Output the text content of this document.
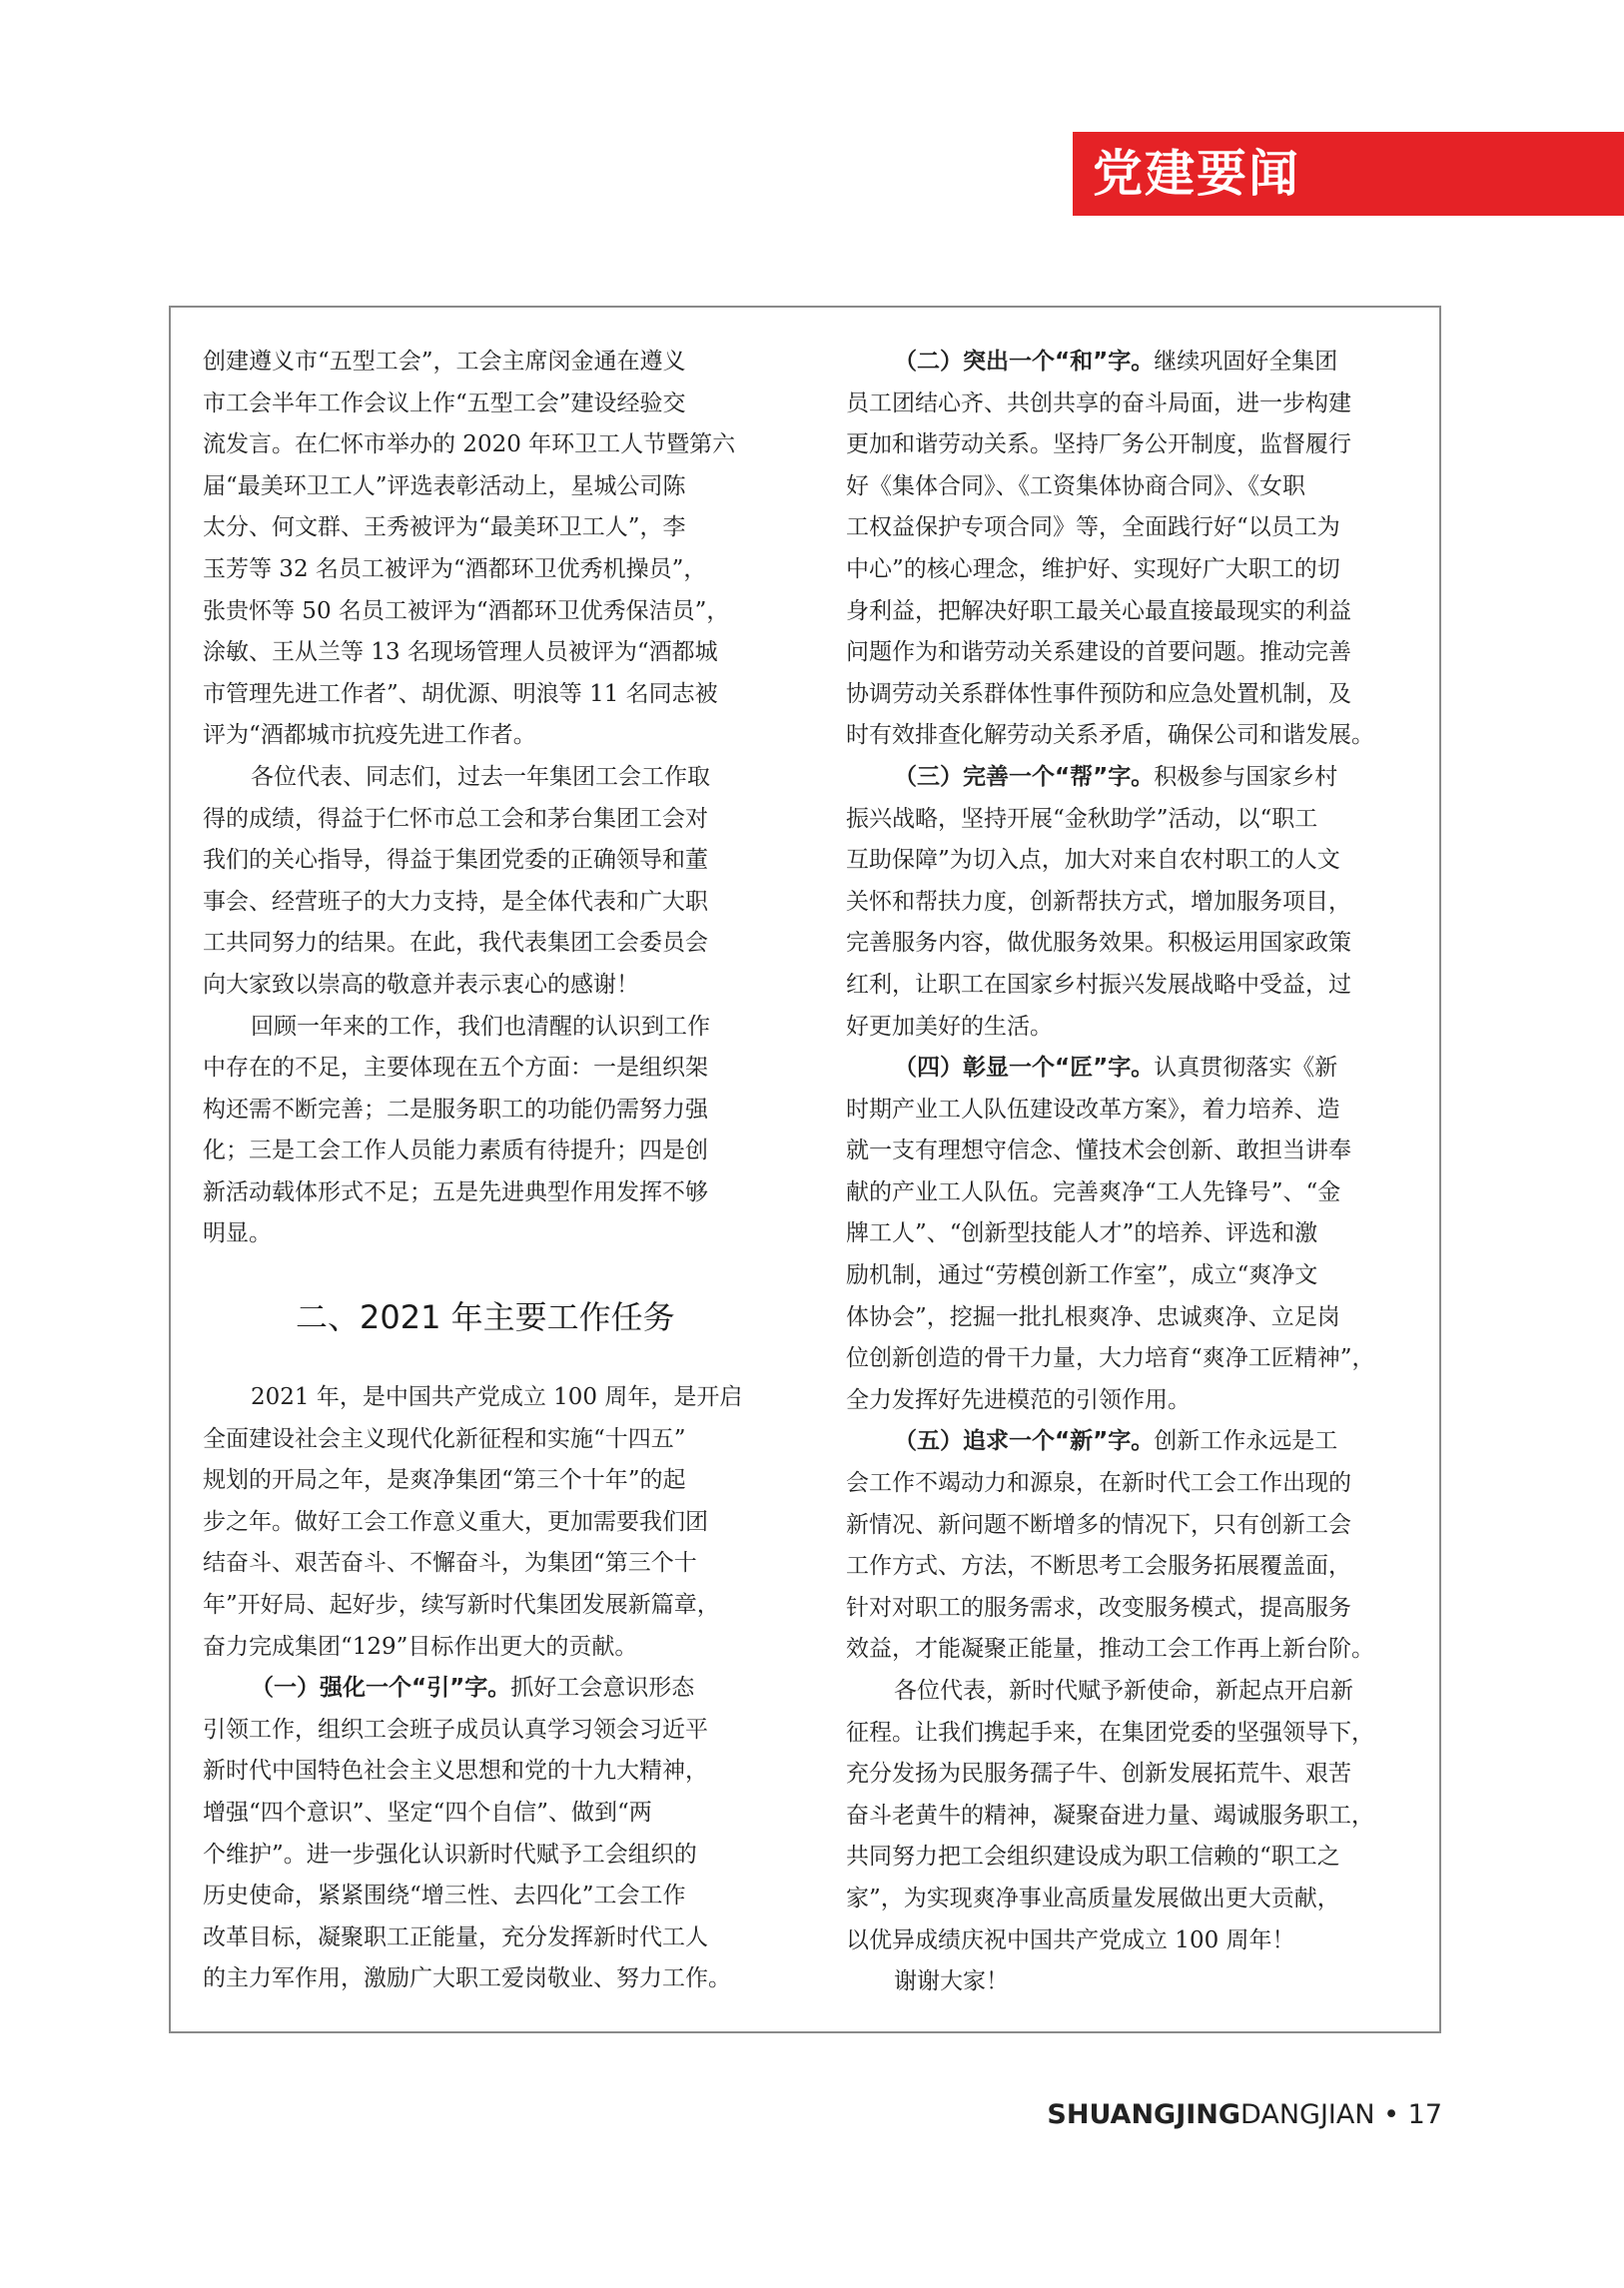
党建要闻
创建遵义市“五型工会”，工会主席闵金通在遵义
市工会半年工作会议上作“五型工会”建设经验交
流发言。在仁怀市举办的 2020 年环卫工人节暨第六
届“最美环卫工人”评选表彰活动上，星城公司陈
太分、何文群、王秀被评为“最美环卫工人”，李
玉芳等 32 名员工被评为“酒都环卫优秀机操员”，
张贵怀等 50 名员工被评为“酒都环卫优秀保洁员”，
涂敏、王从兰等 13 名现场管理人员被评为“酒都城
市管理先进工作者”、胡优源、明浪等 11 名同志被
评为“酒都城市抗疫先进工作者。
各位代表、同志们，过去一年集团工会工作取
得的成绩，得益于仁怀市总工会和茅台集团工会对
我们的关心指导，得益于集团党委的正确领导和董
事会、经营班子的大力支持，是全体代表和广大职
工共同努力的结果。在此，我代表集团工会委员会
向大家致以崇高的敬意并表示衷心的感谢！
回顾一年来的工作，我们也清醒的认识到工作
中存在的不足，主要体现在五个方面：一是组织架
构还需不断完善；二是服务职工的功能仍需努力强
化；三是工会工作人员能力素质有待提升；四是创
新活动载体形式不足；五是先进典型作用发挥不够
明显。
二、2021 年主要工作任务
2021 年，是中国共产党成立 100 周年，是开启
全面建设社会主义现代化新征程和实施“十四五”
规划的开局之年，是爽净集团“第三个十年”的起
步之年。做好工会工作意义重大，更加需要我们团
结奋斗、艰苦奋斗、不懈奋斗，为集团“第三个十
年”开好局、起好步，续写新时代集团发展新篇章，
奋力完成集团“129”目标作出更大的贡献。
（一）强化一个“引”字。抓好工会意识形态
引领工作，组织工会班子成员认真学习领会习近平
新时代中国特色社会主义思想和党的十九大精神，
增强“四个意识”、坚定“四个自信”、做到“两
个维护”。进一步强化认识新时代赋予工会组织的
历史使命，紧紧围绕“增三性、去四化”工会工作
改革目标，凝聚职工正能量，充分发挥新时代工人
的主力军作用，激励广大职工爱岗敬业、努力工作。
（二）突出一个“和”字。继续巩固好全集团
员工团结心齐、共创共享的奋斗局面，进一步构建
更加和谐劳动关系。坚持厂务公开制度，监督履行
好《集体合同》、《工资集体协商合同》、《女职
工权益保护专项合同》等，全面践行好“以员工为
中心”的核心理念，维护好、实现好广大职工的切
身利益，把解决好职工最关心最直接最现实的利益
问题作为和谐劳动关系建设的首要问题。推动完善
协调劳动关系群体性事件预防和应急处置机制，及
时有效排查化解劳动关系矛盾，确保公司和谐发展。
（三）完善一个“帮”字。积极参与国家乡村
振兴战略，坚持开展“金秋助学”活动，以“职工
互助保障”为切入点，加大对来自农村职工的人文
关怀和帮扶力度，创新帮扶方式，增加服务项目，
完善服务内容，做优服务效果。积极运用国家政策
红利，让职工在国家乡村振兴发展战略中受益，过
好更加美好的生活。
（四）彰显一个“匠”字。认真贯彻落实《新
时期产业工人队伍建设改革方案》，着力培养、造
就一支有理想守信念、懂技术会创新、敢担当讲奉
献的产业工人队伍。完善爽净“工人先锋号”、“金
牌工人”、“创新型技能人才”的培养、评选和激
励机制，通过“劳模创新工作室”，成立“爽净文
体协会”，挖掘一批扎根爽净、忠诚爽净、立足岗
位创新创造的骨干力量，大力培育“爽净工匠精神”，
全力发挥好先进模范的引领作用。
（五）追求一个“新”字。创新工作永远是工
会工作不竭动力和源泉，在新时代工会工作出现的
新情况、新问题不断增多的情况下，只有创新工会
工作方式、方法，不断思考工会服务拓展覆盖面，
针对对职工的服务需求，改变服务模式，提高服务
效益，才能凝聚正能量，推动工会工作再上新台阶。
各位代表，新时代赋予新使命，新起点开启新
征程。让我们携起手来，在集团党委的坚强领导下，
充分发扬为民服务孺子牛、创新发展拓荒牛、艰苦
奋斗老黄牛的精神，凝聚奋进力量、竭诚服务职工，
共同努力把工会组织建设成为职工信赖的“职工之
家”，为实现爽净事业高质量发展做出更大贡献，
以优异成绩庆祝中国共产党成立 100 周年！
谢谢大家！
SHUANGJINGDANGJIAN • 17
